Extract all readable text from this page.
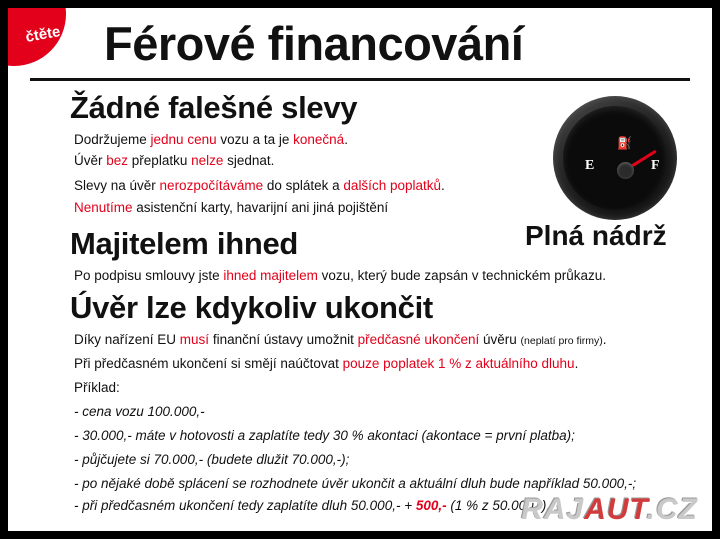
čtěte Férové financování
Žádné falešné slevy
Dodržujeme jednu cenu vozu a ta je konečná.
Úvěr bez přeplatku nelze sjednat.
Slevy na úvěr nerozpočítáváme do splátek a dalších poplatků.
Nenutíme asistenční karty, havarijní ani jiná pojištění
Majitelem ihned
Po podpisu smlouvy jste ihned majitelem vozu, který bude zapsán v technickém průkazu.
Úvěr lze kdykoliv ukončit
Díky nařízení EU musí finanční ústavy umožnit předčasné ukončení úvěru (neplatí pro firmy).
Při předčasném ukončení si smějí naúčtovat pouze poplatek 1 % z aktuálního dluhu.
Příklad:
- cena vozu 100.000,-
- 30.000,- máte v hotovosti a zaplatíte tedy 30 % akontaci (akontace = první platba);
- půjčujete si 70.000,- (budete dlužit 70.000,-);
- po nějaké době splácení se rozhodnete úvěr ukončit a aktuální dluh bude například 50.000,-;
- při předčasném ukončení tedy zaplatíte dluh 50.000,- + 500,- (1 % z 50.000,-).
E	F
⛽
Plná nádrž
RAJAUT.CZ
